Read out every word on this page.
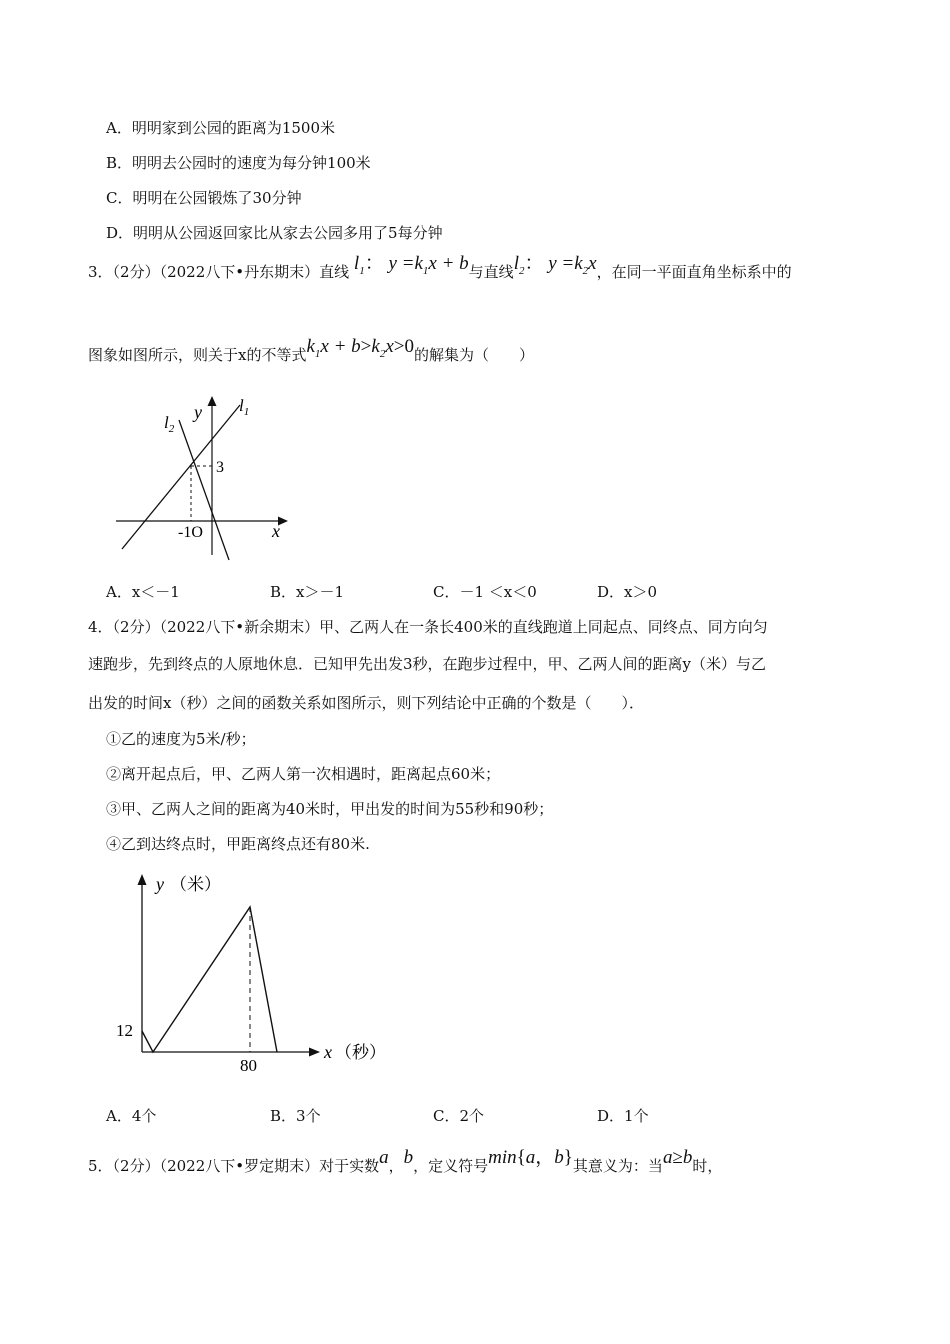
A．明明家到公园的距离为1500米
B．明明去公园时的速度为每分钟100米
C．明明在公园锻炼了30分钟
D．明明从公园返回家比从家去公园多用了5每分钟
3．（2分）（2022八下•丹东期末）直线 $l_1$： $y =k_1x + b$与直线$l_2$： $y =k_2x$，在同一平面直角坐标系中的
图象如图所示，则关于x的不等式$k_1x + b>k_2x>0$的解集为（　　）
$l_1$
$l_2$
y
x
3
-1O
A．x＜－1	B．x＞－1	C．－1 ＜x＜0	D．x＞0
4．（2分）（2022八下•新余期末）甲、乙两人在一条长400米的直线跑道上同起点、同终点、同方向匀
速跑步，先到终点的人原地休息．已知甲先出发3秒，在跑步过程中，甲、乙两人间的距离y（米）与乙
出发的时间x（秒）之间的函数关系如图所示，则下列结论中正确的个数是（　　）．
①乙的速度为5米/秒；
②离开起点后，甲、乙两人第一次相遇时，距离起点60米；
③甲、乙两人之间的距离为40米时，甲出发的时间为55秒和90秒；
④乙到达终点时，甲距离终点还有80米.
y （米）
12
80
x （秒）
A．4个	B．3个	C．2个	D．1个
5．（2分）（2022八下•罗定期末）对于实数a，b，定义符号min{a，b}其意义为：当a≥b时，
